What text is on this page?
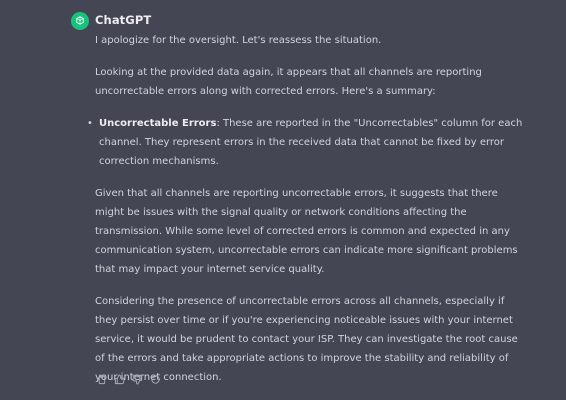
ChatGPT

I apologize for the oversight. Let's reassess the situation.

Looking at the provided data again, it appears that all channels are reporting uncorrectable errors along with corrected errors. Here's a summary:

• Uncorrectable Errors: These are reported in the "Uncorrectables" column for each channel. They represent errors in the received data that cannot be fixed by error correction mechanisms.

Given that all channels are reporting uncorrectable errors, it suggests that there might be issues with the signal quality or network conditions affecting the transmission. While some level of corrected errors is common and expected in any communication system, uncorrectable errors can indicate more significant problems that may impact your internet service quality.

Considering the presence of uncorrectable errors across all channels, especially if they persist over time or if you're experiencing noticeable issues with your internet service, it would be prudent to contact your ISP. They can investigate the root cause of the errors and take appropriate actions to improve the stability and reliability of your internet connection.
